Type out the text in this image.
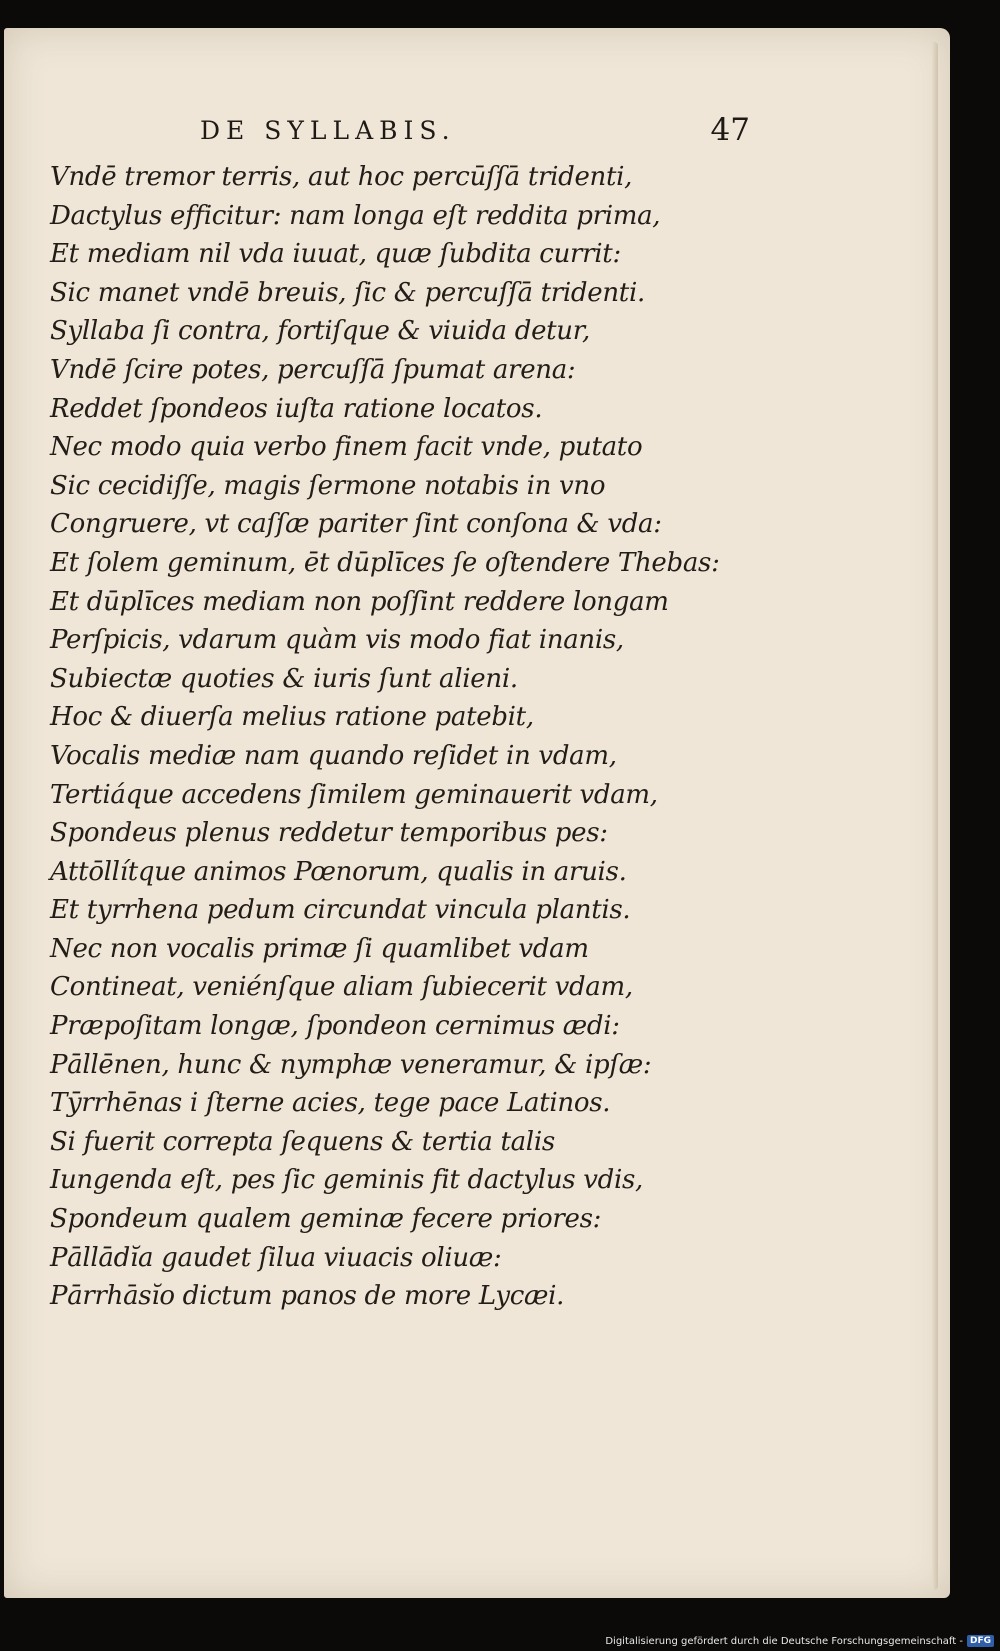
DE SYLLABIS.	47
Vndē tremor terris, aut hoc percūſſā tridenti,
Dactylus efficitur: nam longa eſt reddita prima,
Et mediam nil vda iuuat, quæ ſubdita currit:
Sic manet vndē breuis, ſic & percuſſā tridenti.
Syllaba ſi contra, fortiſque & viuida detur,
Vndē ſcire potes, percuſſā ſpumat arena:
Reddet ſpondeos iuſta ratione locatos.
Nec modo quia verbo finem facit vnde, putato
Sic cecidiſſe, magis ſermone notabis in vno
Congruere, vt caſſæ pariter ſint conſona & vda:
Et ſolem geminum, ēt dūplīces ſe oſtendere Thebas:
Et dūplīces mediam non poſſint reddere longam
Perſpicis, vdarum quàm vis modo fiat inanis,
Subiectæ quoties & iuris ſunt alieni.
Hoc & diuerſa melius ratione patebit,
Vocalis mediæ nam quando reſidet in vdam,
Tertiáque accedens ſimilem geminauerit vdam,
Spondeus plenus reddetur temporibus pes:
Attōllítque animos Pœnorum, qualis in aruis.
Et tyrrhena pedum circundat vincula plantis.
Nec non vocalis primæ ſi quamlibet vdam
Contineat, veniénſque aliam ſubiecerit vdam,
Præpoſitam longæ, ſpondeon cernimus ædi:
Pāllēnen, hunc & nymphæ veneramur, & ipſæ:
Tȳrrhēnas i ſterne acies, tege pace Latinos.
Si fuerit correpta ſequens & tertia talis
Iungenda eſt, pes ſic geminis fit dactylus vdis,
Spondeum qualem geminæ fecere priores:
Pāllādĭa gaudet ſilua viuacis oliuæ:
Pārrhāsĭo dictum panos de more Lycæi.
Digitalisierung gefördert durch die Deutsche Forschungsgemeinschaft - DFG
